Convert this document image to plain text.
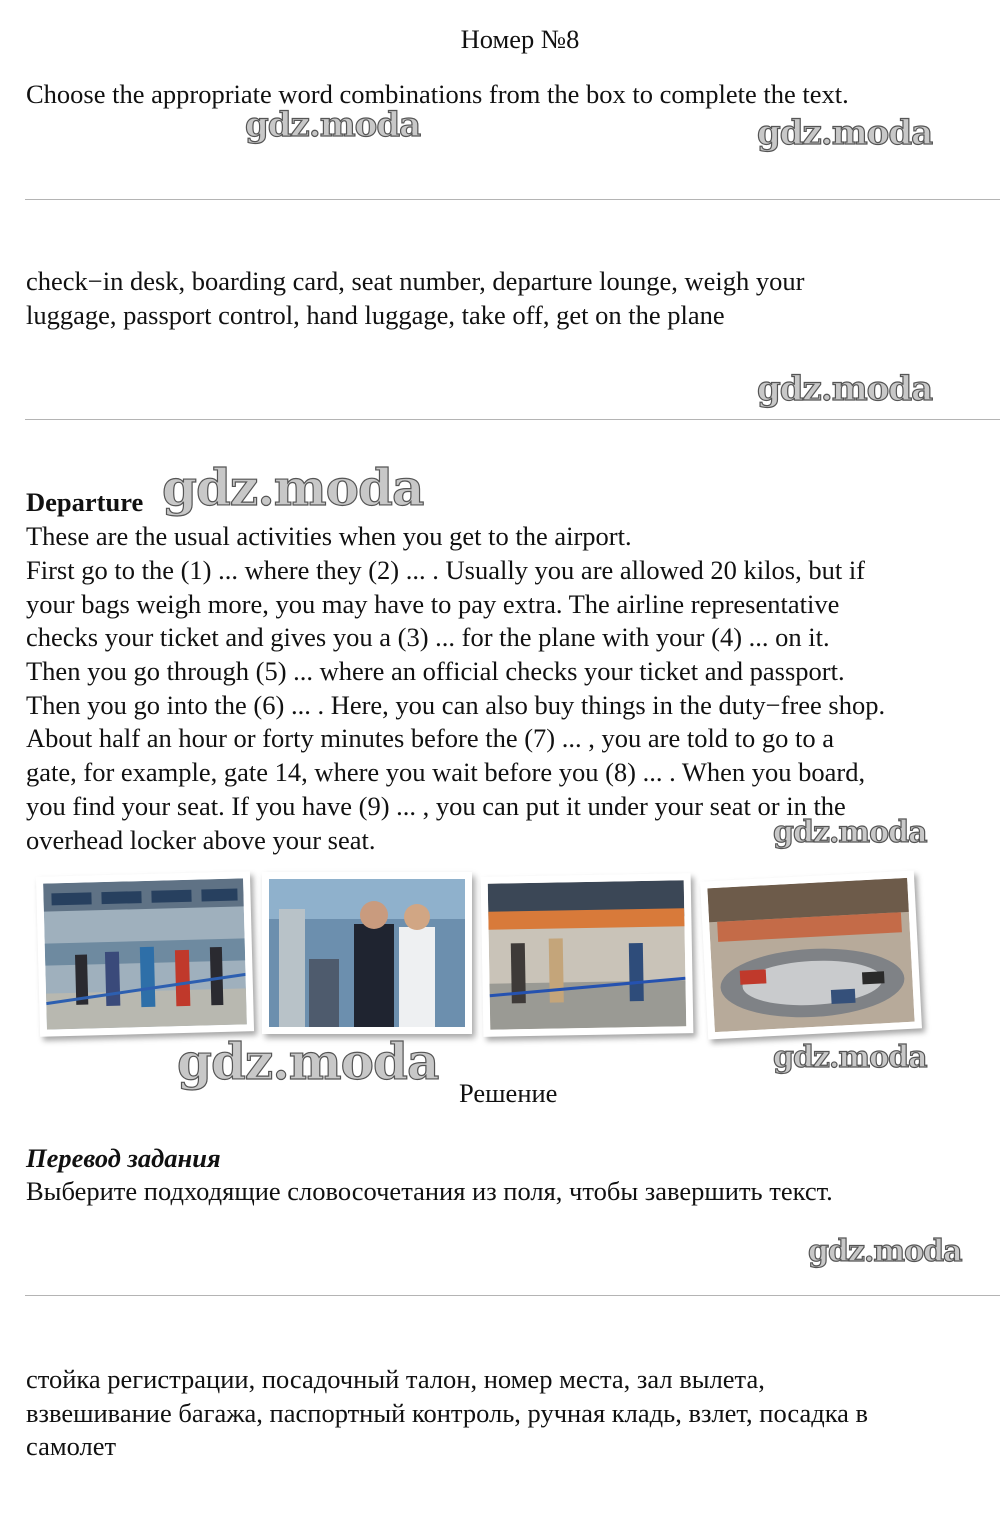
Номер №8
Choose the appropriate word combinations from the box to complete the text.
gdz.moda	gdz.moda
check−in desk, boarding card, seat number, departure lounge, weigh your
luggage, passport control, hand luggage, take off, get on the plane
gdz.moda
Departure gdz.moda
These are the usual activities when you get to the airport.
First go to the (1) ... where they (2) ... . Usually you are allowed 20 kilos, but if
your bags weigh more, you may have to pay extra. The airline representative
checks your ticket and gives you a (3) ... for the plane with your (4) ... on it.
Then you go through (5) ... where an official checks your ticket and passport.
Then you go into the (6) ... . Here, you can also buy things in the duty−free shop.
About half an hour or forty minutes before the (7) ... , you are told to go to a
gate, for example, gate 14, where you wait before you (8) ... . When you board,
you find your seat. If you have (9) ... , you can put it under your seat or in the
overhead locker above your seat.	gdz.moda
gdz.moda	gdz.moda
Решение
Перевод задания
Выберите подходящие словосочетания из поля, чтобы завершить текст.
gdz.moda
стойка регистрации, посадочный талон, номер места, зал вылета,
взвешивание багажа, паспортный контроль, ручная кладь, взлет, посадка в
самолет
